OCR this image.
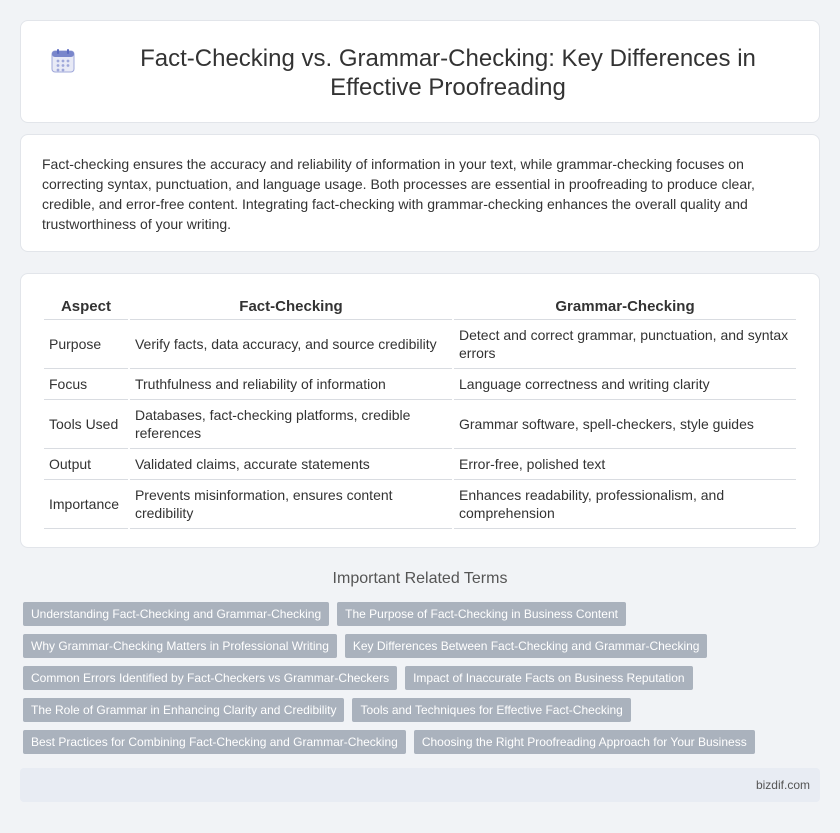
Fact-Checking vs. Grammar-Checking: Key Differences in Effective Proofreading

Fact-checking ensures the accuracy and reliability of information in your text, while grammar-checking focuses on correcting syntax, punctuation, and language usage. Both processes are essential in proofreading to produce clear, credible, and error-free content. Integrating fact-checking with grammar-checking enhances the overall quality and trustworthiness of your writing.

Aspect	Fact-Checking	Grammar-Checking
Purpose	Verify facts, data accuracy, and source credibility	Detect and correct grammar, punctuation, and syntax errors
Focus	Truthfulness and reliability of information	Language correctness and writing clarity
Tools Used	Databases, fact-checking platforms, credible references	Grammar software, spell-checkers, style guides
Output	Validated claims, accurate statements	Error-free, polished text
Importance	Prevents misinformation, ensures content credibility	Enhances readability, professionalism, and comprehension
Important Related Terms
Understanding Fact-Checking and Grammar-Checking	The Purpose of Fact-Checking in Business Content
Why Grammar-Checking Matters in Professional Writing	Key Differences Between Fact-Checking and Grammar-Checking
Common Errors Identified by Fact-Checkers vs Grammar-Checkers	Impact of Inaccurate Facts on Business Reputation
The Role of Grammar in Enhancing Clarity and Credibility	Tools and Techniques for Effective Fact-Checking
Best Practices for Combining Fact-Checking and Grammar-Checking	Choosing the Right Proofreading Approach for Your Business
bizdif.com
